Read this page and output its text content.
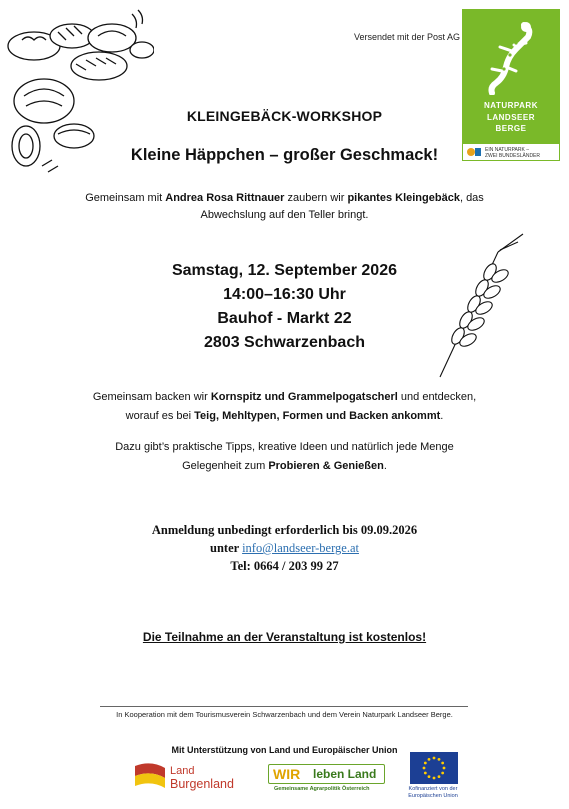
Versendet mit der Post AG
NATURPARK
LANDSEER
BERGE
EIN NATURPARK –
ZWEI BUNDESLÄNDER
KLEINGEBÄCK-WORKSHOP
Kleine Häppchen – großer Geschmack!
Gemeinsam mit Andrea Rosa Rittnauer zaubern wir pikantes Kleingebäck, das
Abwechslung auf den Teller bringt.
Samstag, 12. September 2026
14:00–16:30 Uhr
Bauhof - Markt 22
2803 Schwarzenbach
Gemeinsam backen wir Kornspitz und Grammelpogatscherl und entdecken,
worauf es bei Teig, Mehltypen, Formen und Backen ankommt.
Dazu gibt’s praktische Tipps, kreative Ideen und natürlich jede Menge
Gelegenheit zum Probieren & Genießen.
Anmeldung unbedingt erforderlich bis 09.09.2026
unter info@landseer-berge.at
Tel: 0664 / 203 99 27
Die Teilnahme an der Veranstaltung ist kostenlos!
In Kooperation mit dem Tourismusverein Schwarzenbach und dem Verein Naturpark Landseer Berge.
Mit Unterstützung von Land und Europäischer Union
Land
Burgenland
WIR leben Land
Gemeinsame Agrarpolitik Österreich	Kofinanziert von der
Europäischen Union
